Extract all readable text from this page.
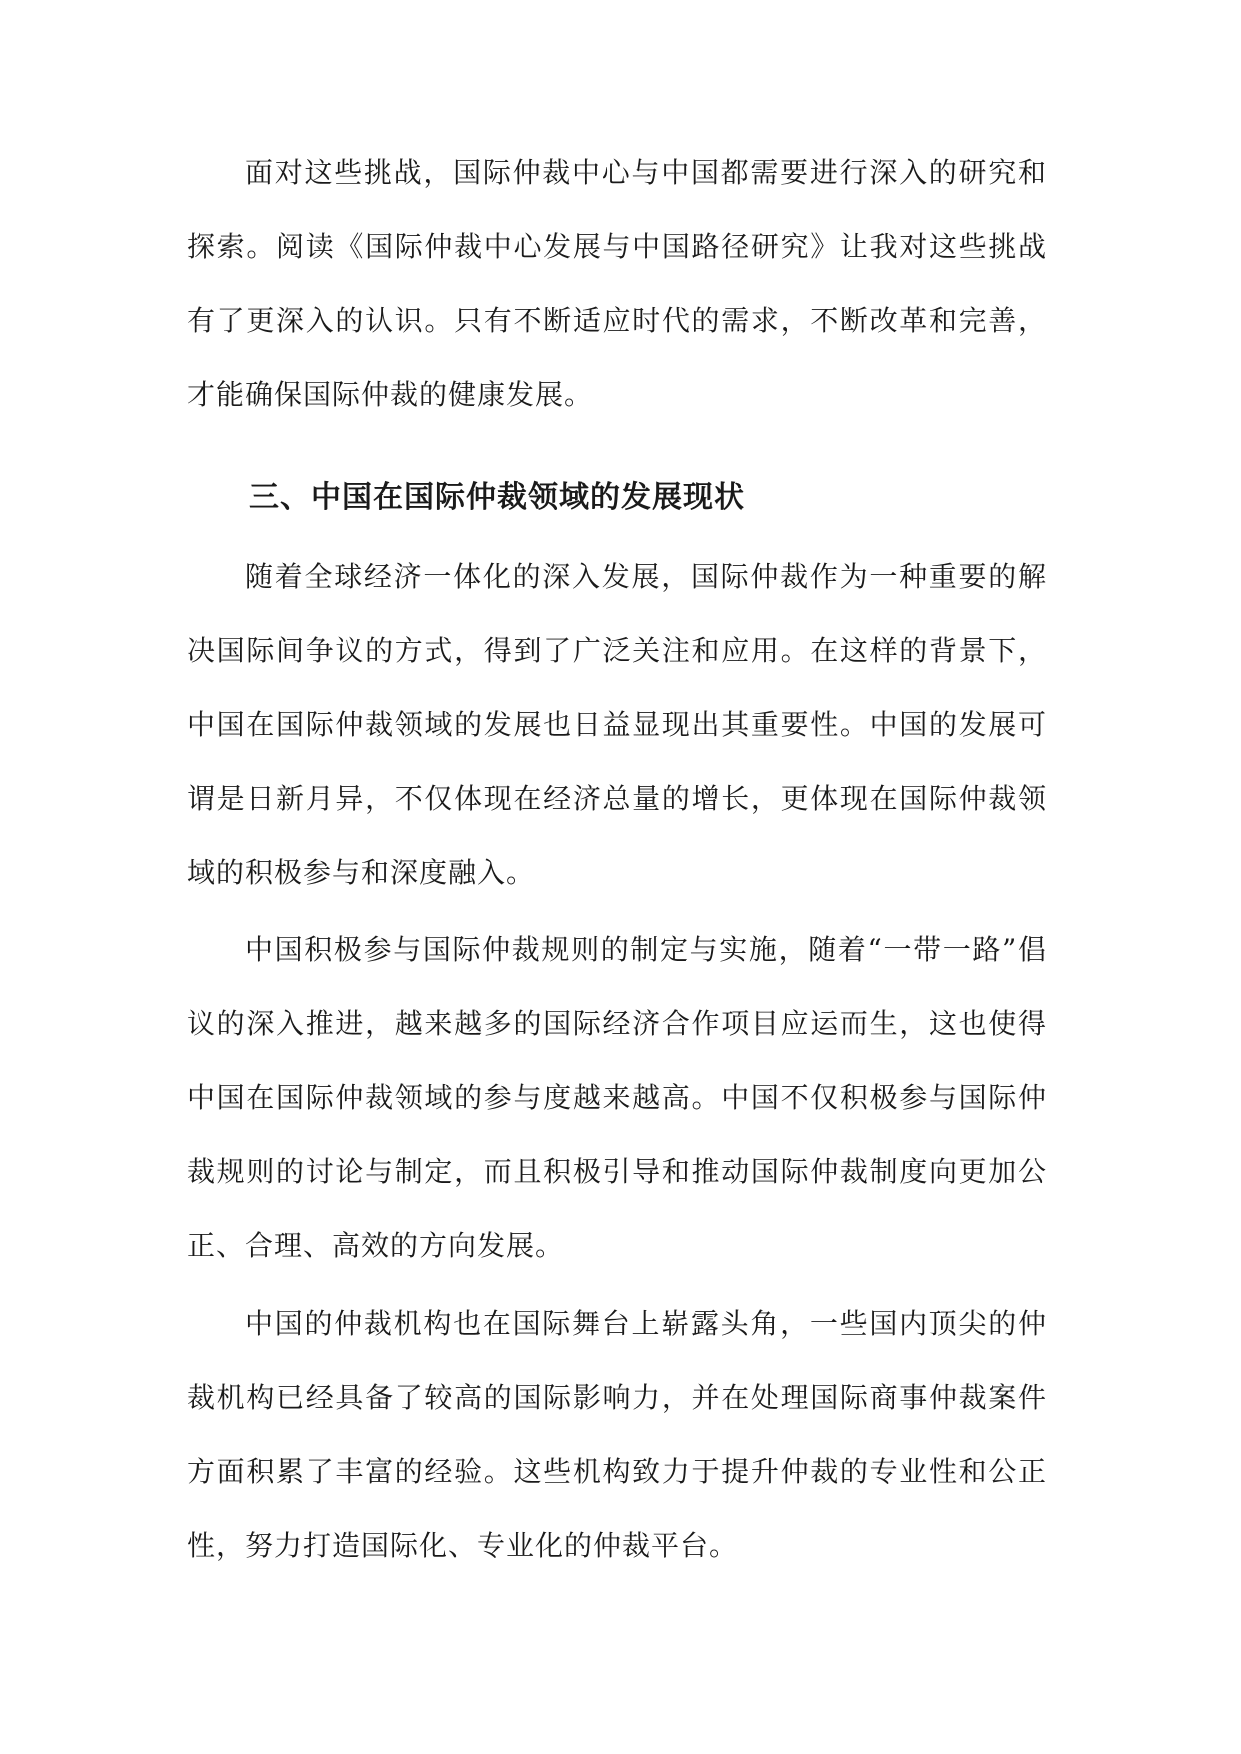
面对这些挑战，国际仲裁中心与中国都需要进行深入的研究和探索。阅读《国际仲裁中心发展与中国路径研究》让我对这些挑战有了更深入的认识。只有不断适应时代的需求，不断改革和完善，才能确保国际仲裁的健康发展。

三、中国在国际仲裁领域的发展现状

随着全球经济一体化的深入发展，国际仲裁作为一种重要的解决国际间争议的方式，得到了广泛关注和应用。在这样的背景下，中国在国际仲裁领域的发展也日益显现出其重要性。中国的发展可谓是日新月异，不仅体现在经济总量的增长，更体现在国际仲裁领域的积极参与和深度融入。

中国积极参与国际仲裁规则的制定与实施，随着“一带一路”倡议的深入推进，越来越多的国际经济合作项目应运而生，这也使得中国在国际仲裁领域的参与度越来越高。中国不仅积极参与国际仲裁规则的讨论与制定，而且积极引导和推动国际仲裁制度向更加公正、合理、高效的方向发展。

中国的仲裁机构也在国际舞台上崭露头角，一些国内顶尖的仲裁机构已经具备了较高的国际影响力，并在处理国际商事仲裁案件方面积累了丰富的经验。这些机构致力于提升仲裁的专业性和公正性，努力打造国际化、专业化的仲裁平台。
